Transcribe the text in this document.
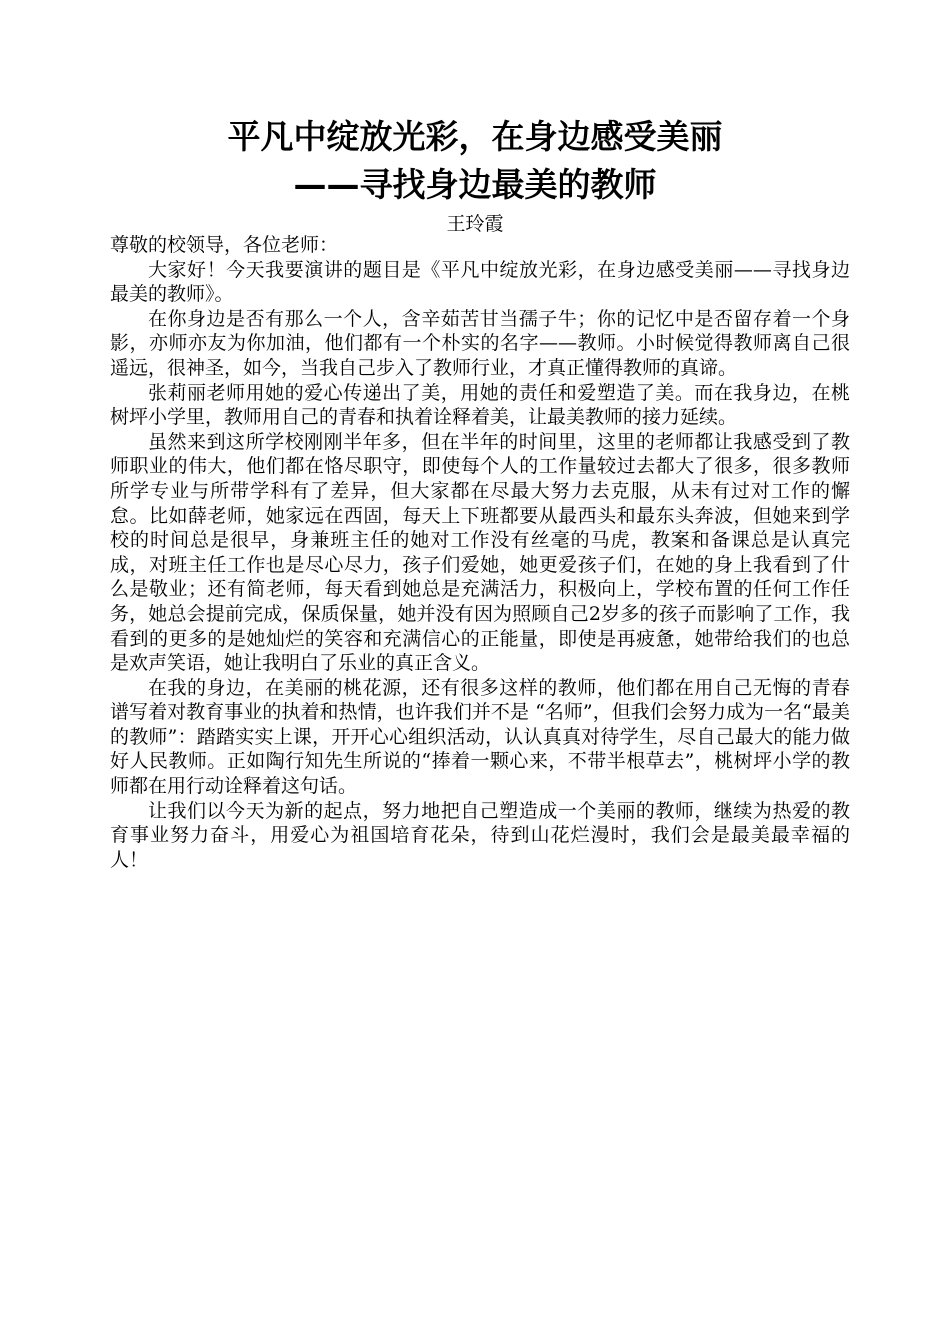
平凡中绽放光彩，在身边感受美丽
——寻找身边最美的教师
王玲霞

尊敬的校领导，各位老师：

大家好！今天我要演讲的题目是《平凡中绽放光彩，在身边感受美丽——寻找身边最美的教师》。

在你身边是否有那么一个人，含辛茹苦甘当孺子牛；你的记忆中是否留存着一个身影，亦师亦友为你加油，他们都有一个朴实的名字——教师。小时候觉得教师离自己很遥远，很神圣，如今，当我自己步入了教师行业，才真正懂得教师的真谛。

张莉丽老师用她的爱心传递出了美，用她的责任和爱塑造了美。而在我身边，在桃树坪小学里，教师用自己的青春和执着诠释着美，让最美教师的接力延续。

虽然来到这所学校刚刚半年多，但在半年的时间里，这里的老师都让我感受到了教师职业的伟大，他们都在恪尽职守，即使每个人的工作量较过去都大了很多，很多教师所学专业与所带学科有了差异，但大家都在尽最大努力去克服，从未有过对工作的懈怠。比如薛老师，她家远在西固，每天上下班都要从最西头和最东头奔波，但她来到学校的时间总是很早，身兼班主任的她对工作没有丝毫的马虎，教案和备课总是认真完成，对班主任工作也是尽心尽力，孩子们爱她，她更爱孩子们，在她的身上我看到了什么是敬业；还有简老师，每天看到她总是充满活力，积极向上，学校布置的任何工作任务，她总会提前完成，保质保量，她并没有因为照顾自己2岁多的孩子而影响了工作，我看到的更多的是她灿烂的笑容和充满信心的正能量，即使是再疲惫，她带给我们的也总是欢声笑语，她让我明白了乐业的真正含义。

在我的身边，在美丽的桃花源，还有很多这样的教师，他们都在用自己无悔的青春谱写着对教育事业的执着和热情，也许我们并不是 “名师”，但我们会努力成为一名“最美的教师”：踏踏实实上课，开开心心组织活动，认认真真对待学生，尽自己最大的能力做好人民教师。正如陶行知先生所说的“捧着一颗心来，不带半根草去”，桃树坪小学的教师都在用行动诠释着这句话。

让我们以今天为新的起点，努力地把自己塑造成一个美丽的教师，继续为热爱的教育事业努力奋斗，用爱心为祖国培育花朵，待到山花烂漫时，我们会是最美最幸福的人！
